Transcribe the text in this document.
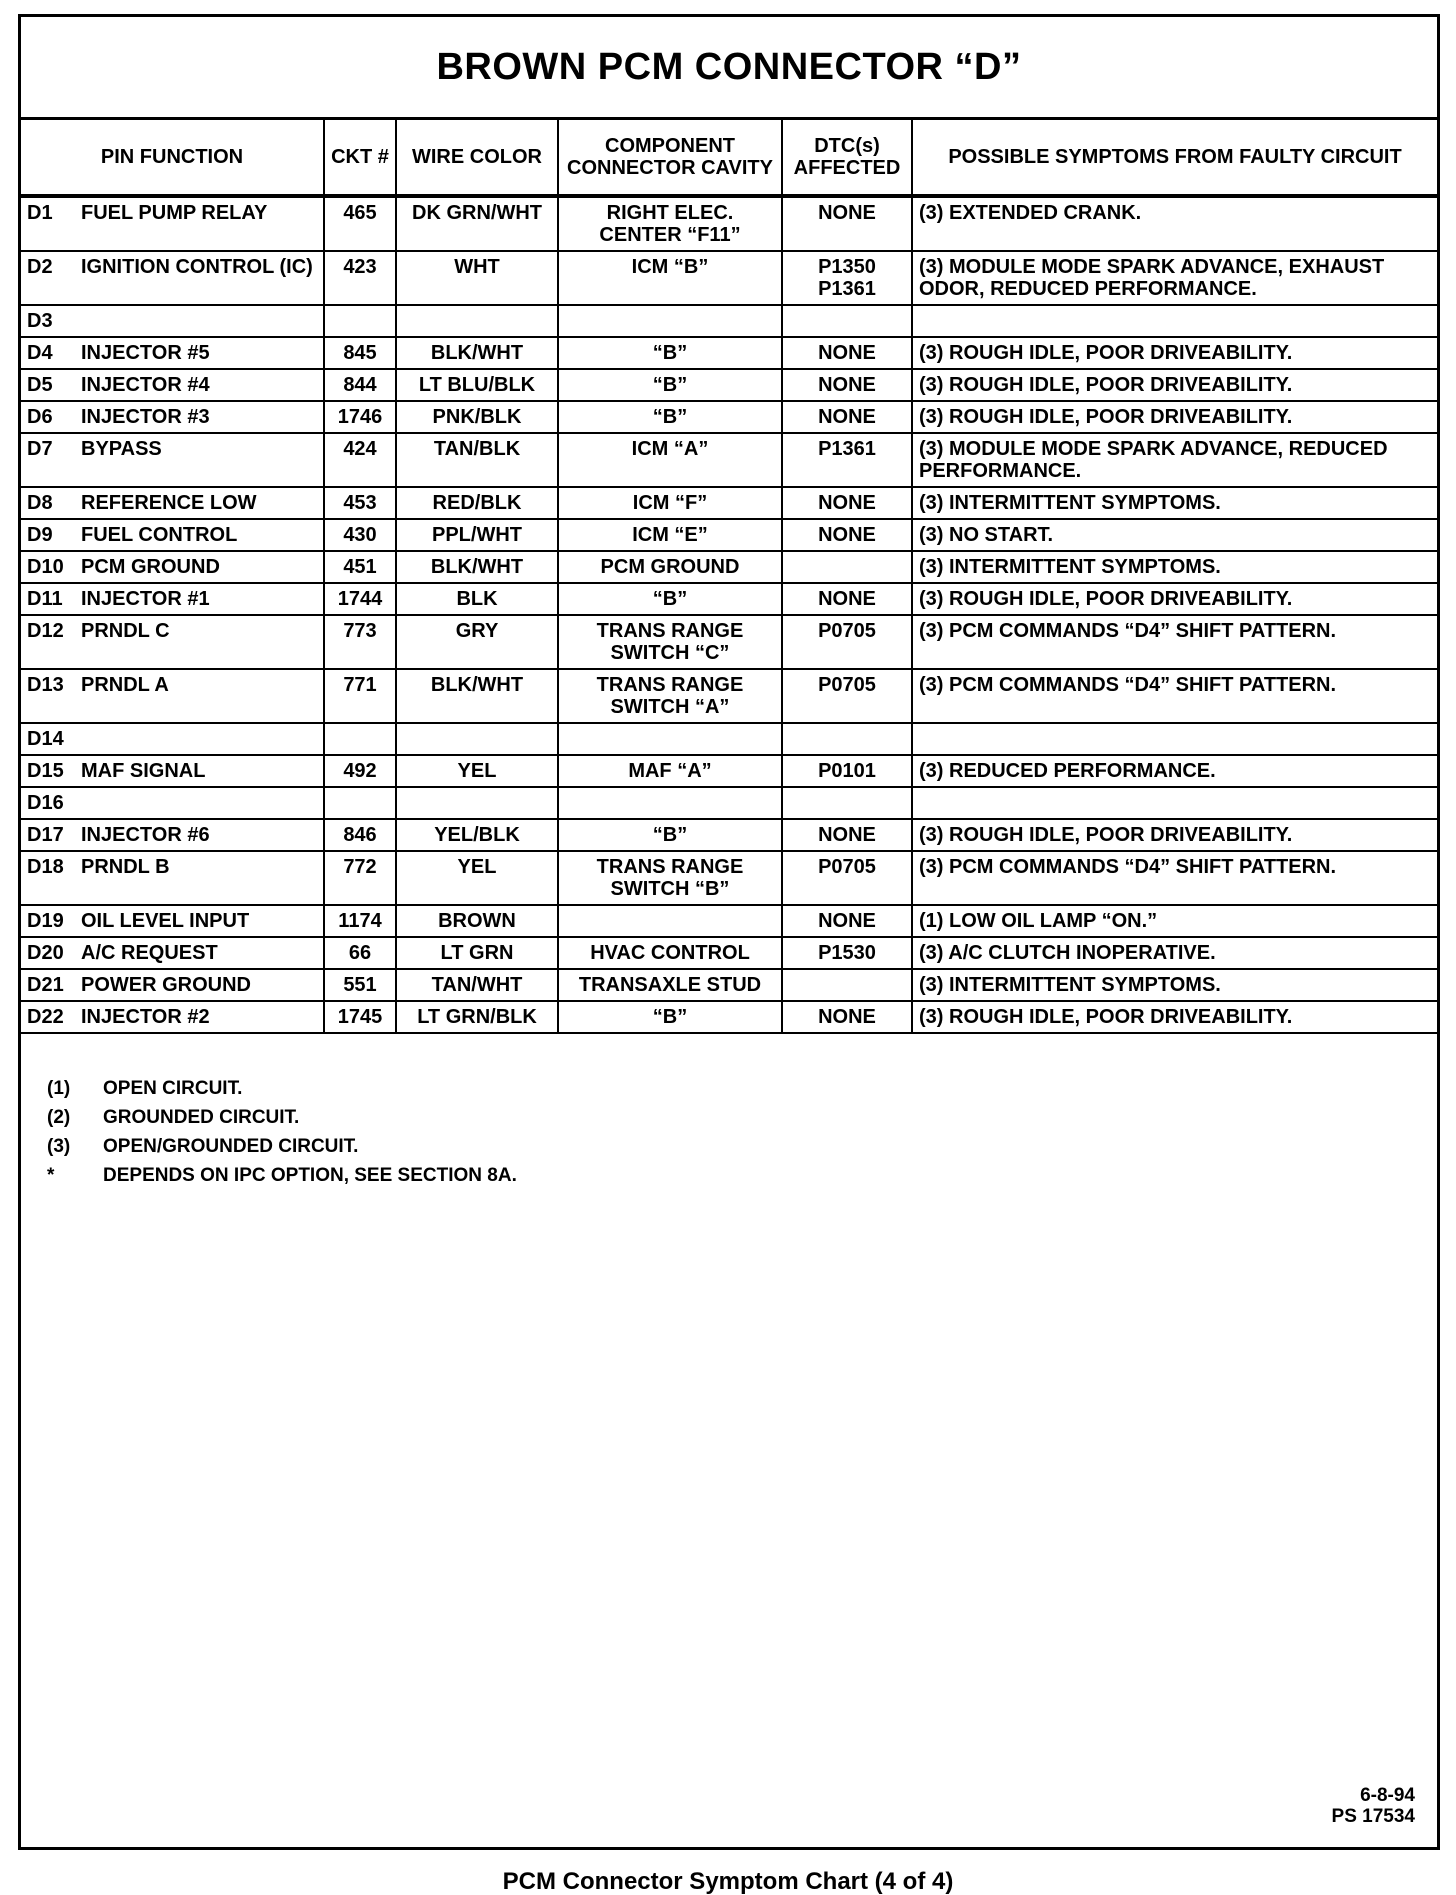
BROWN PCM CONNECTOR “D”
PIN FUNCTION	CKT #	WIRE COLOR	COMPONENT CONNECTOR CAVITY	DTC(s) AFFECTED	POSSIBLE SYMPTOMS FROM FAULTY CIRCUIT

D1 FUEL PUMP RELAY	465	DK GRN/WHT	RIGHT ELEC. CENTER “F11”	NONE	(3) EXTENDED CRANK.

D2 IGNITION CONTROL (IC)	423	WHT	ICM “B”	P1350 P1361	(3) MODULE MODE SPARK ADVANCE, EXHAUST ODOR, REDUCED PERFORMANCE.

D3					

D4 INJECTOR #5	845	BLK/WHT	“B”	NONE	(3) ROUGH IDLE, POOR DRIVEABILITY.

D5 INJECTOR #4	844	LT BLU/BLK	“B”	NONE	(3) ROUGH IDLE, POOR DRIVEABILITY.

D6 INJECTOR #3	1746	PNK/BLK	“B”	NONE	(3) ROUGH IDLE, POOR DRIVEABILITY.

D7 BYPASS	424	TAN/BLK	ICM “A”	P1361	(3) MODULE MODE SPARK ADVANCE, REDUCED PERFORMANCE.

D8 REFERENCE LOW	453	RED/BLK	ICM “F”	NONE	(3) INTERMITTENT SYMPTOMS.

D9 FUEL CONTROL	430	PPL/WHT	ICM “E”	NONE	(3) NO START.

D10 PCM GROUND	451	BLK/WHT	PCM GROUND		(3) INTERMITTENT SYMPTOMS.

D11 INJECTOR #1	1744	BLK	“B”	NONE	(3) ROUGH IDLE, POOR DRIVEABILITY.

D12 PRNDL C	773	GRY	TRANS RANGE SWITCH “C”	P0705	(3) PCM COMMANDS “D4” SHIFT PATTERN.

D13 PRNDL A	771	BLK/WHT	TRANS RANGE SWITCH “A”	P0705	(3) PCM COMMANDS “D4” SHIFT PATTERN.

D14					

D15 MAF SIGNAL	492	YEL	MAF “A”	P0101	(3) REDUCED PERFORMANCE.

D16					

D17 INJECTOR #6	846	YEL/BLK	“B”	NONE	(3) ROUGH IDLE, POOR DRIVEABILITY.

D18 PRNDL B	772	YEL	TRANS RANGE SWITCH “B”	P0705	(3) PCM COMMANDS “D4” SHIFT PATTERN.

D19 OIL LEVEL INPUT	1174	BROWN		NONE	(1) LOW OIL LAMP “ON.”

D20 A/C REQUEST	66	LT GRN	HVAC CONTROL	P1530	(3) A/C CLUTCH INOPERATIVE.

D21 POWER GROUND	551	TAN/WHT	TRANSAXLE STUD		(3) INTERMITTENT SYMPTOMS.

D22 INJECTOR #2	1745	LT GRN/BLK	“B”	NONE	(3) ROUGH IDLE, POOR DRIVEABILITY.
(1)	OPEN CIRCUIT.
(2)	GROUNDED CIRCUIT.
(3)	OPEN/GROUNDED CIRCUIT.
*	DEPENDS ON IPC OPTION, SEE SECTION 8A.
6-8-94
PS 17534
PCM Connector Symptom Chart (4 of 4)
